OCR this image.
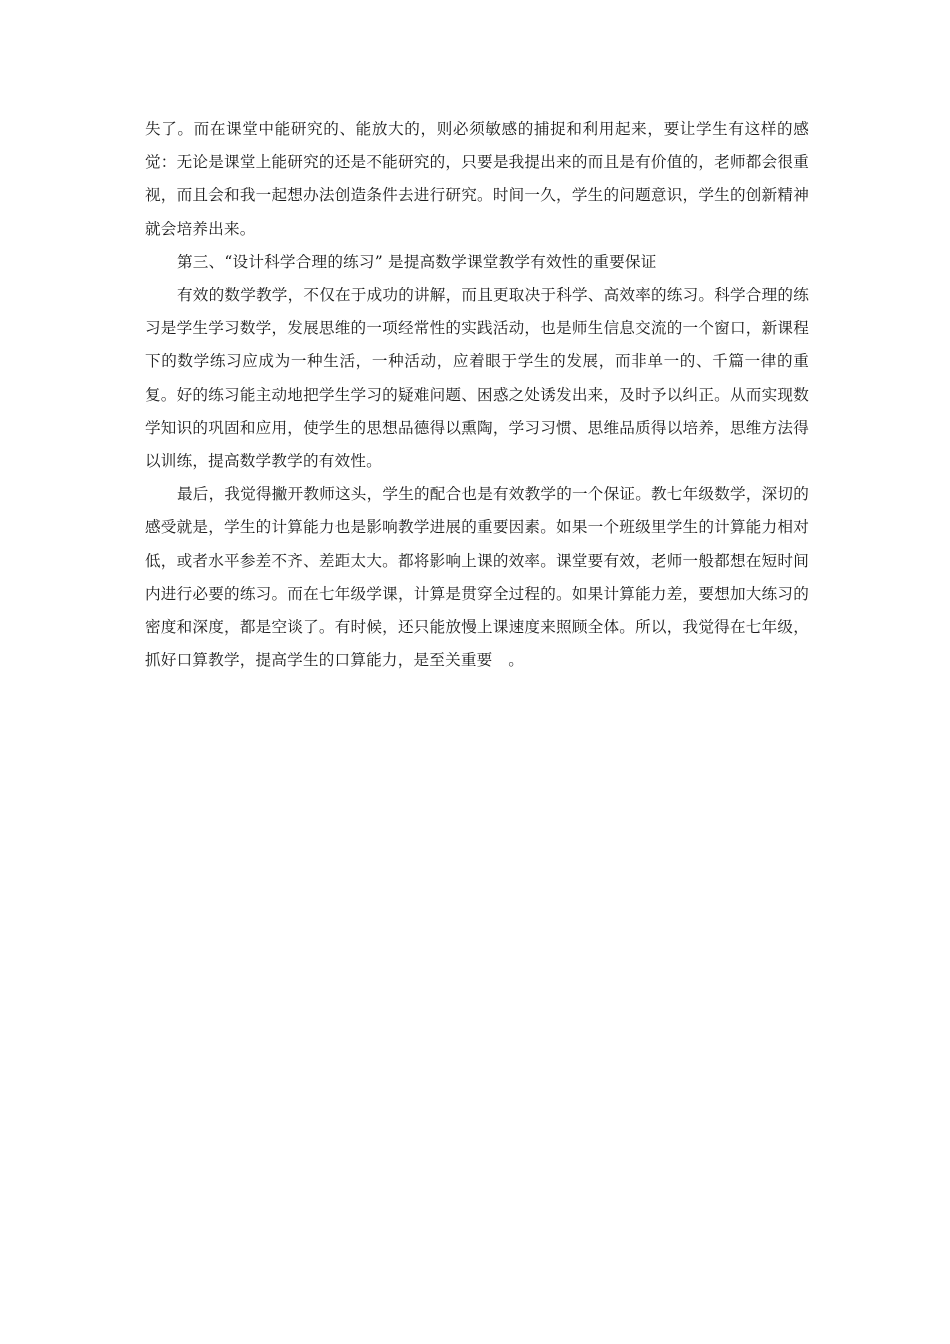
失了。而在课堂中能研究的、能放大的，则必须敏感的捕捉和利用起来，要让学生有这样的感觉：无论是课堂上能研究的还是不能研究的，只要是我提出来的而且是有价值的，老师都会很重视，而且会和我一起想办法创造条件去进行研究。时间一久，学生的问题意识，学生的创新精神就会培养出来。

第三、“设计科学合理的练习” 是提高数学课堂教学有效性的重要保证

有效的数学教学，不仅在于成功的讲解，而且更取决于科学、高效率的练习。科学合理的练习是学生学习数学，发展思维的一项经常性的实践活动，也是师生信息交流的一个窗口，新课程下的数学练习应成为一种生活，一种活动，应着眼于学生的发展，而非单一的、千篇一律的重复。好的练习能主动地把学生学习的疑难问题、困惑之处诱发出来，及时予以纠正。从而实现数学知识的巩固和应用，使学生的思想品德得以熏陶，学习习惯、思维品质得以培养，思维方法得以训练，提高数学教学的有效性。

最后，我觉得撇开教师这头，学生的配合也是有效教学的一个保证。教七年级数学，深切的感受就是，学生的计算能力也是影响教学进展的重要因素。如果一个班级里学生的计算能力相对低，或者水平参差不齐、差距太大。都将影响上课的效率。课堂要有效，老师一般都想在短时间内进行必要的练习。而在七年级学课，计算是贯穿全过程的。如果计算能力差，要想加大练习的密度和深度，都是空谈了。有时候，还只能放慢上课速度来照顾全体。所以，我觉得在七年级，抓好口算教学，提高学生的口算能力，是至关重要　。
